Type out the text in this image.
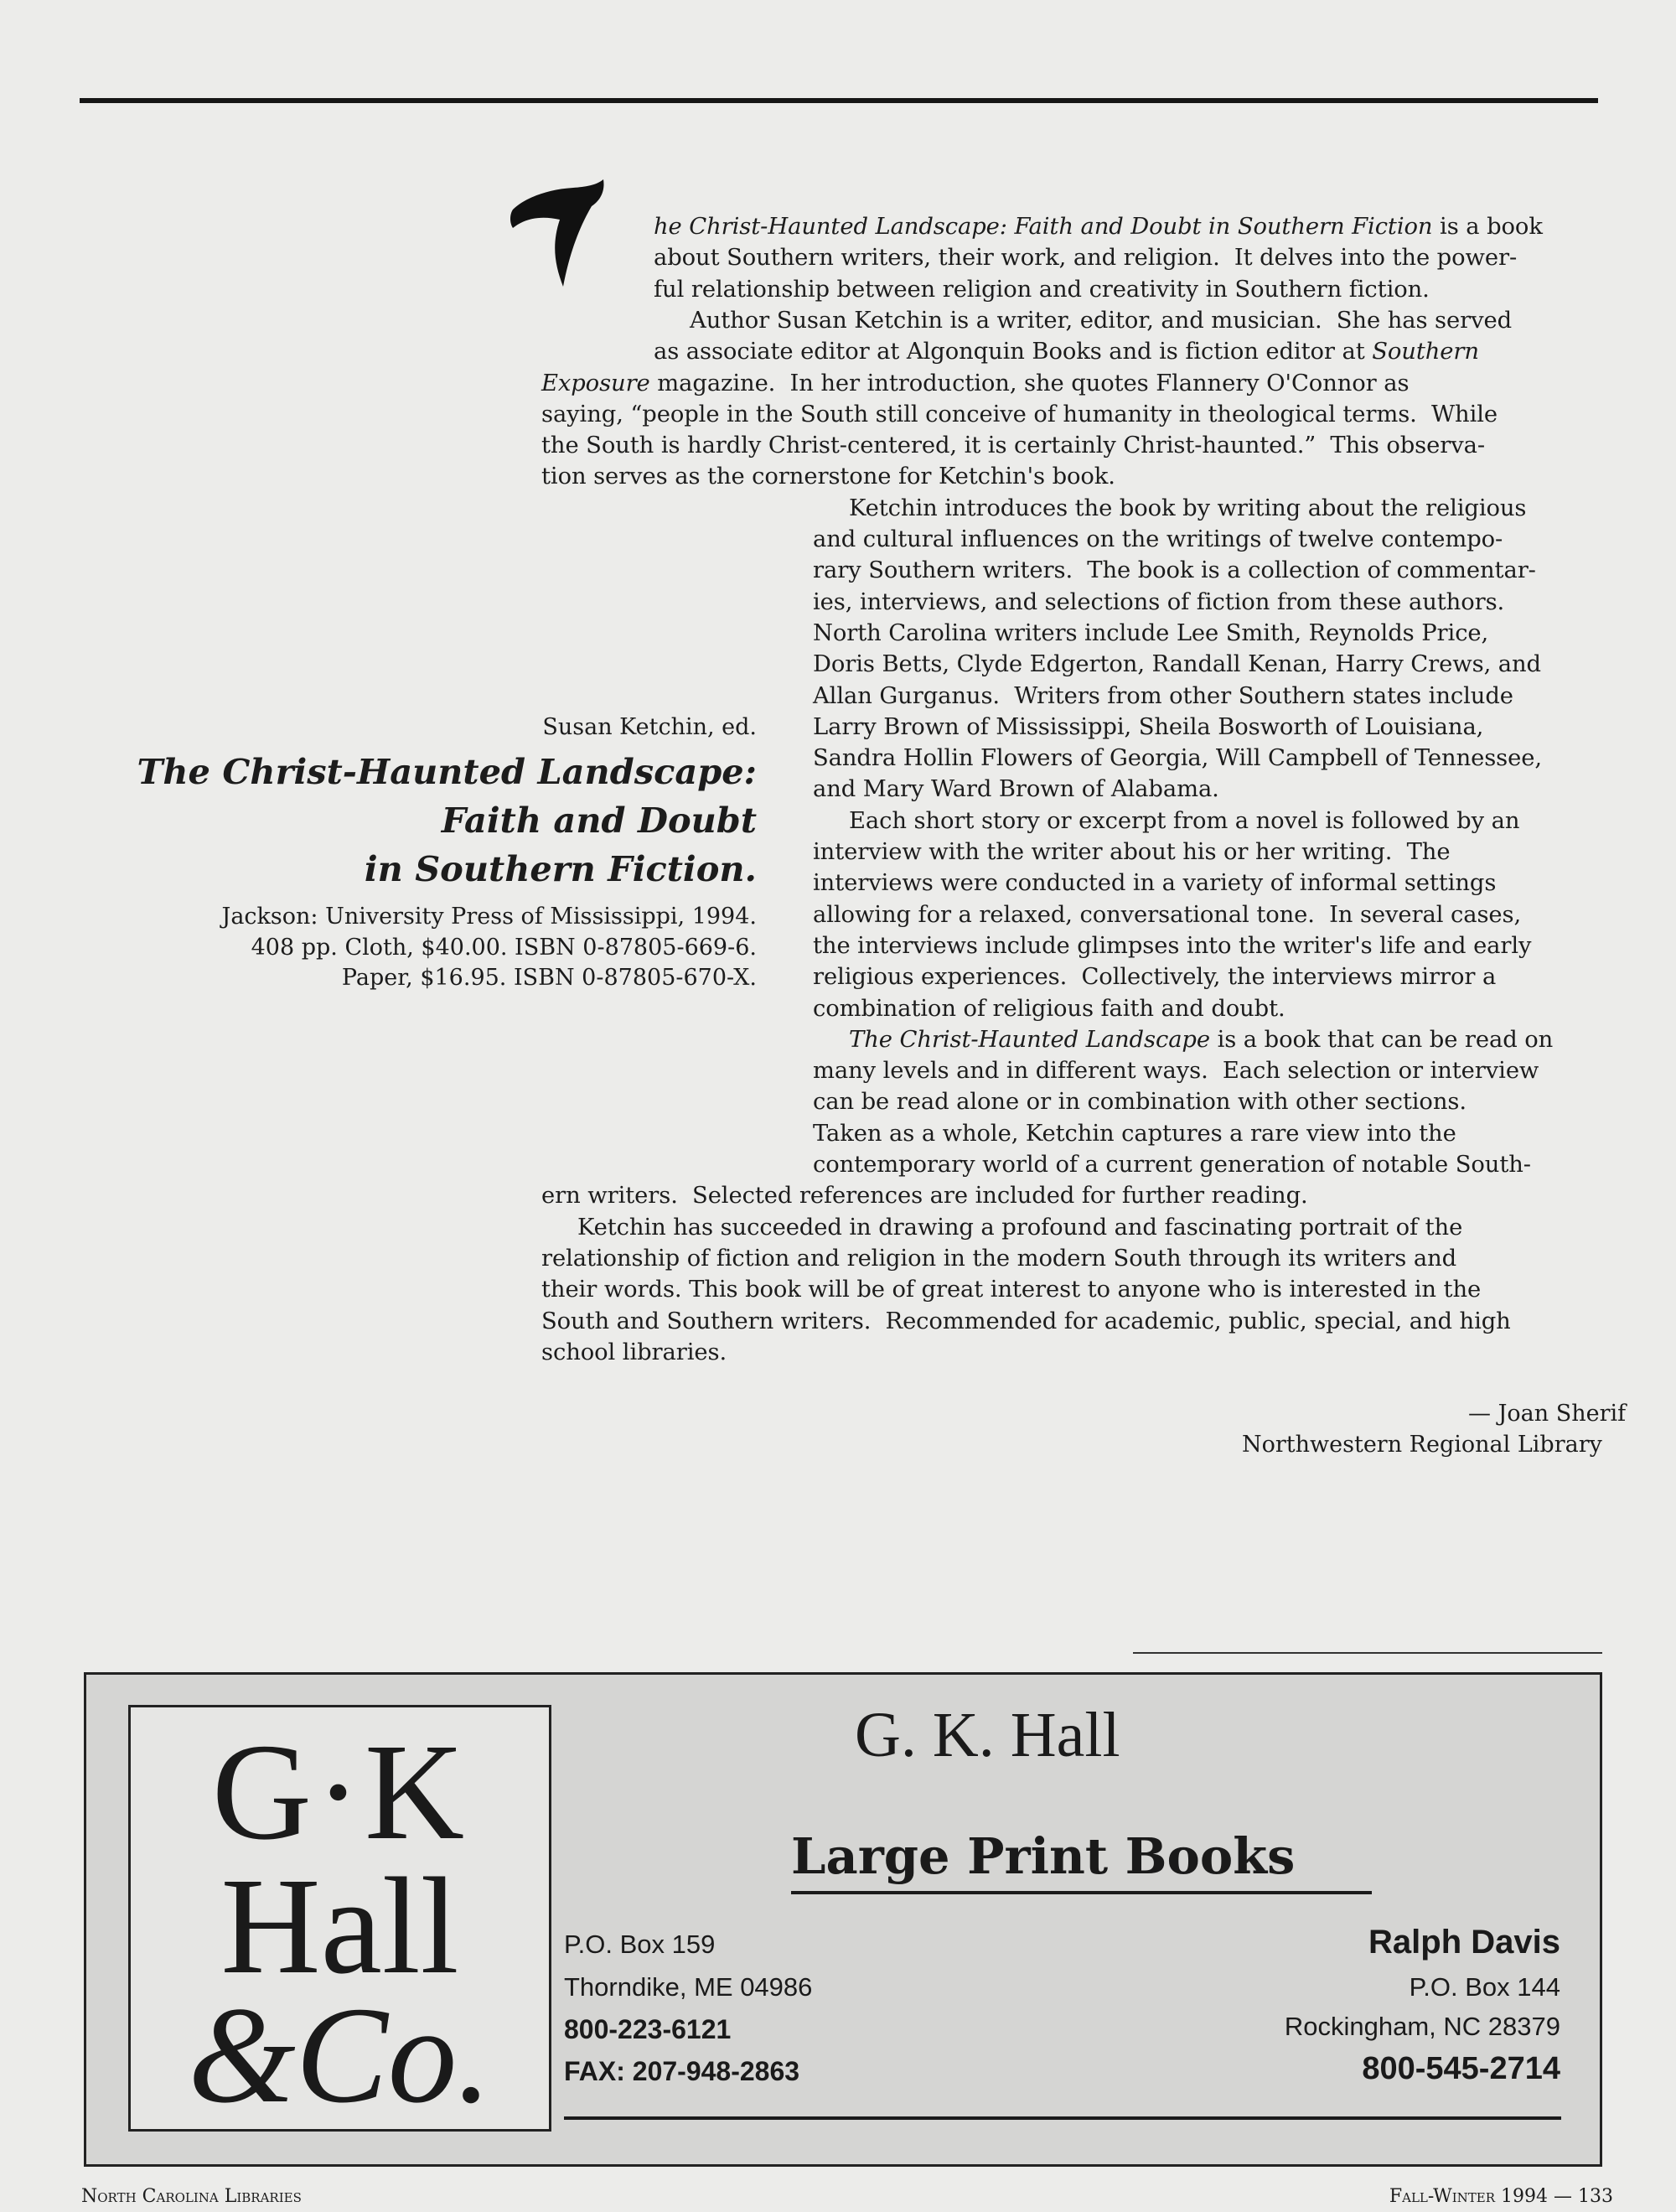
he Christ-Haunted Landscape: Faith and Doubt in Southern Fiction is a book
about Southern writers, their work, and religion.  It delves into the power-
ful relationship between religion and creativity in Southern fiction.
Author Susan Ketchin is a writer, editor, and musician.  She has served
as associate editor at Algonquin Books and is fiction editor at Southern
Exposure magazine.  In her introduction, she quotes Flannery O'Connor as
saying, “people in the South still conceive of humanity in theological terms.  While
the South is hardly Christ-centered, it is certainly Christ-haunted.”  This observa-
tion serves as the cornerstone for Ketchin's book.
Ketchin introduces the book by writing about the religious
and cultural influences on the writings of twelve contempo-
rary Southern writers.  The book is a collection of commentar-
ies, interviews, and selections of fiction from these authors.
North Carolina writers include Lee Smith, Reynolds Price,
Doris Betts, Clyde Edgerton, Randall Kenan, Harry Crews, and
Allan Gurganus.  Writers from other Southern states include
Larry Brown of Mississippi, Sheila Bosworth of Louisiana,
Sandra Hollin Flowers of Georgia, Will Campbell of Tennessee,
and Mary Ward Brown of Alabama.
Each short story or excerpt from a novel is followed by an
interview with the writer about his or her writing.  The
interviews were conducted in a variety of informal settings
allowing for a relaxed, conversational tone.  In several cases,
the interviews include glimpses into the writer's life and early
religious experiences.  Collectively, the interviews mirror a
combination of religious faith and doubt.
The Christ-Haunted Landscape is a book that can be read on
many levels and in different ways.  Each selection or interview
can be read alone or in combination with other sections.
Taken as a whole, Ketchin captures a rare view into the
contemporary world of a current generation of notable South-
ern writers.  Selected references are included for further reading.
Ketchin has succeeded in drawing a profound and fascinating portrait of the
relationship of fiction and religion in the modern South through its writers and
their words. This book will be of great interest to anyone who is interested in the
South and Southern writers.  Recommended for academic, public, special, and high
school libraries.
— Joan Sherif
Northwestern Regional Library
Susan Ketchin, ed.
The Christ-Haunted Landscape:
Faith and Doubt
in Southern Fiction.
Jackson: University Press of Mississippi, 1994.
408 pp. Cloth, $40.00. ISBN 0-87805-669-6.
Paper, $16.95. ISBN 0-87805-670-X.
G·K
Hall
&Co.
G. K. Hall
Large Print Books
P.O. Box 159
Thorndike, ME 04986
800-223-6121
FAX: 207-948-2863
Ralph Davis
P.O. Box 144
Rockingham, NC 28379
800-545-2714
North Carolina Libraries	Fall-Winter 1994 — 133
